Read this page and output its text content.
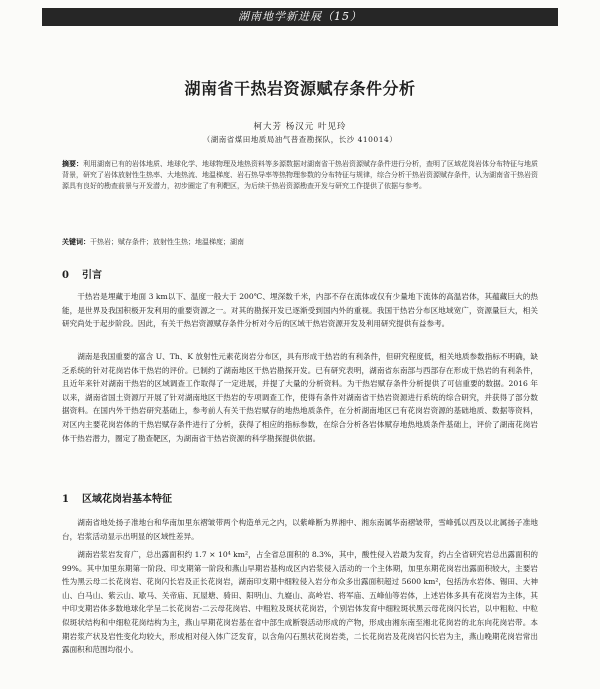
湖南地学新进展（15）
湖南省干热岩资源赋存条件分析
柯大芳 杨汉元 叶见玲
（湖南省煤田地质局油气普查勘探队，长沙 410014）
摘要：利用湖南已有的岩体地质、地球化学、地球物理及地热资料等多源数据对湖南省干热岩资源赋存条件进行分析，查明了区域花岗岩体分布特征与地质背景，研究了岩体放射性生热率、大地热流、地温梯度、岩石热导率等热物理参数的分布特征与规律，综合分析干热岩资源赋存条件，认为湖南省干热岩资源具有良好的勘查前景与开发潜力，初步圈定了有利靶区，为后续干热岩资源勘查开发与研究工作提供了依据与参考。
关键词：干热岩；赋存条件；放射性生热；地温梯度；湖南
0 引言
干热岩是埋藏于地面 3 km以下、温度一般大于 200℃、埋深数千米，内部不存在流体或仅有少量地下流体的高温岩体，其蕴藏巨大的热能，是世界及我国积极开发利用的重要资源之一。对其的勘探开发已逐渐受到国内外的重视。我国干热岩分布区地域宽广，资源量巨大，相关研究尚处于起步阶段。因此，有关干热岩资源赋存条件分析对今后的区域干热岩资源开发及利用研究提供有益参考。
湖南是我国重要的富含 U、Th、K 放射性元素花岗岩分布区，具有形成干热岩的有利条件，但研究程度低，相关地质参数指标不明确，缺乏系统的针对花岗岩体干热岩的评价。已制约了湖南地区干热岩勘探开发。已有研究表明，湖南省东南部与西部存在形成干热岩的有利条件，且近年来针对湖南干热岩的区域调查工作取得了一定进展，并提了大量的分析资料。为干热岩赋存条件分析提供了可信重要的数据。2016 年以来，湖南省国土资源厅开展了针对湖南地区干热岩的专项调查工作，使得有条件对湖南省干热岩资源进行系统的综合研究，并获得了部分数据资料。在国内外干热岩研究基础上，参考前人有关干热岩赋存的地热地质条件，在分析湖南地区已有花岗岩资源的基础地质、数据等资料，对区内主要花岗岩体的干热岩赋存条件进行了分析，获得了相应的指标参数，在综合分析各岩体赋存地热地质条件基础上，评价了湖南花岗岩体干热岩潜力，圈定了勘查靶区，为湖南省干热岩资源的科学勘探提供依据。
1 区域花岗岩基本特征
湖南省地处扬子准地台和华南加里东褶皱带两个构造单元之内，以紫峰断为界湘中、湘东南属华南褶皱带，雪峰弧以西及以北属扬子准地台，岩浆活动显示出明显的区域性差异。
湖南岩浆岩发育广，总出露面积约 1.7 × 10⁴ km²，占全省总面积的 8.3%，其中，酸性侵入岩最为发育，约占全省研究岩总出露面积的 99%。其中加里东期第一阶段、印支期第一阶段和燕山早期岩基构成区内岩浆侵入活动的一个主体期，加里东期花岗岩出露面积较大，主要岩性为黑云母二长花岗岩、花岗闪长岩及正长花岗岩，湖南印支期中细粒侵入岩分布众多出露面积超过 5600 km²，包括沩水岩体、锡田、大神山、白马山、紫云山、歇马、关帝庙、瓦屋塘、骑田、阳明山、九嶷山、高岭岩、将军庙、五峰仙等岩体，上述岩体多具有花岗岩为主体，其中印支期岩体多数地球化学呈二长花岗岩-二云母花岗岩、中粗粒及斑状花岗岩，个别岩体发育中细粒斑状黑云母花岗闪长岩，以中粗粒、中粒似斑状结构和中细粒花岗结构为主，燕山早期花岗岩基在省中部生成断裂活动形成的产物，形成由湘东南至湘北花岗岩的北东向花岗岩带。本期岩浆产状及岩性变化均较大，形成相对侵入体广泛发育，以含角闪石黑状花岗岩类，二长花岗岩及花岗岩闪长岩为主，燕山晚期花岗岩常出露面积和范围均很小。
